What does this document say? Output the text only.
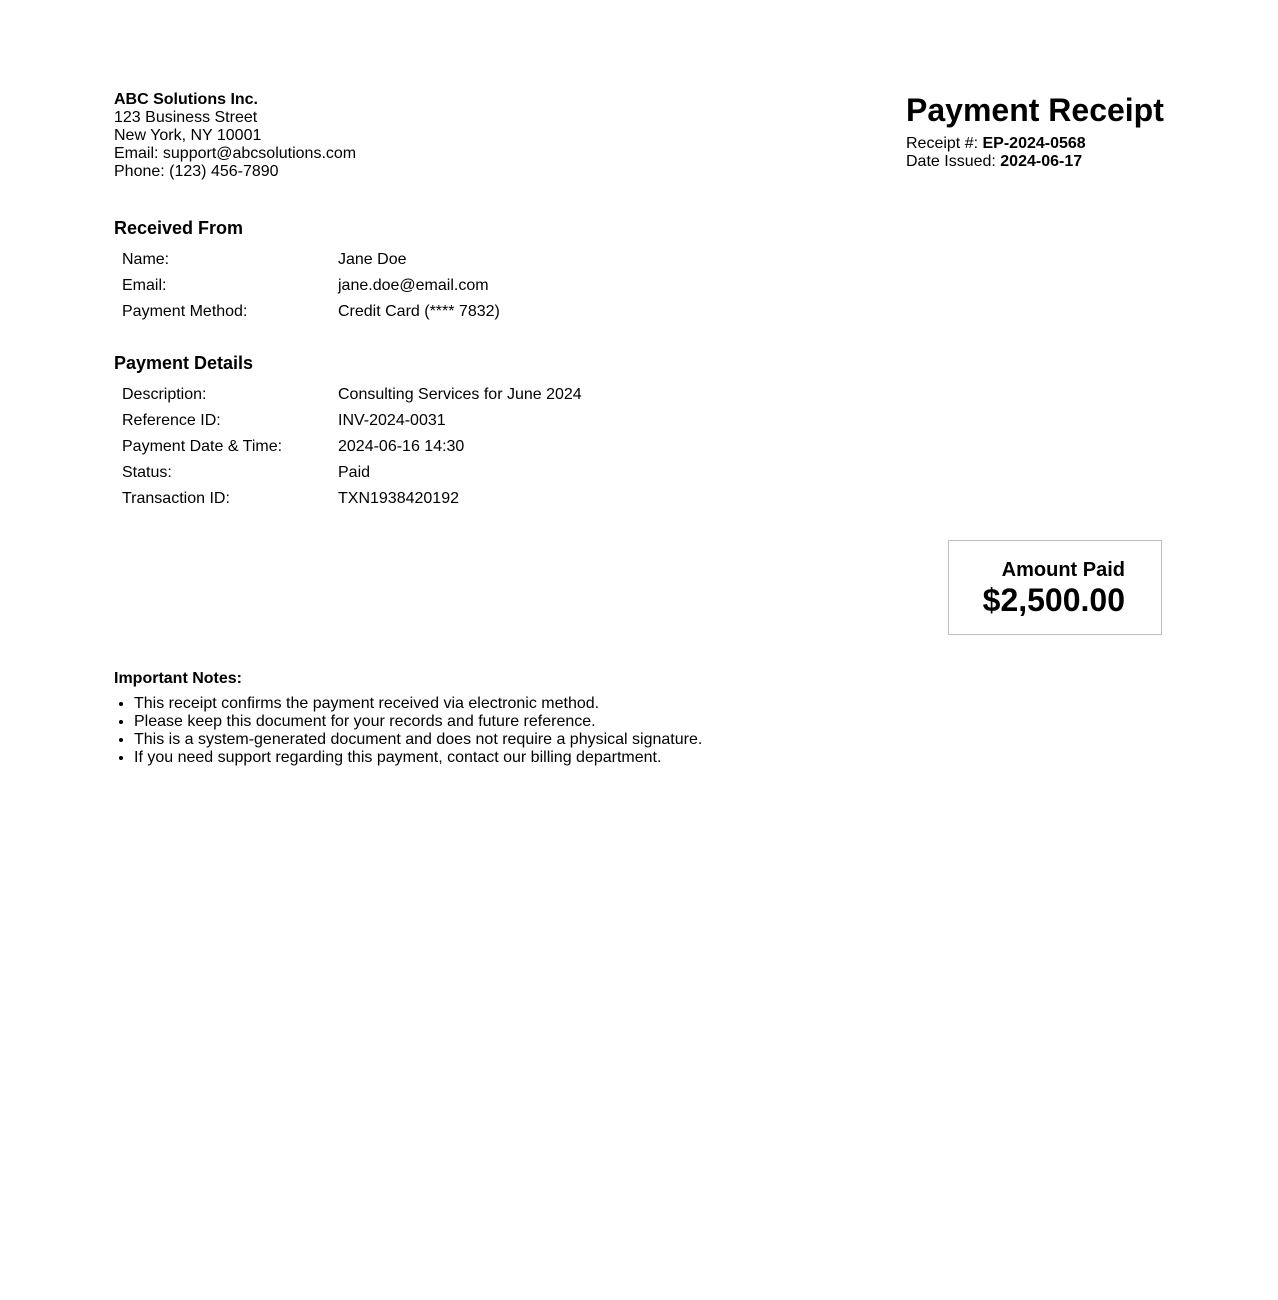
ABC Solutions Inc.
123 Business Street
New York, NY 10001
Email: support@abcsolutions.com
Phone: (123) 456-7890
Payment Receipt
Receipt #: EP-2024-0568
Date Issued: 2024-06-17
Received From
Name:	Jane Doe
Email:	jane.doe@email.com
Payment Method:	Credit Card (**** 7832)
Payment Details
Description:	Consulting Services for June 2024
Reference ID:	INV-2024-0031
Payment Date & Time:	2024-06-16 14:30
Status:	Paid
Transaction ID:	TXN1938420192
Amount Paid
$2,500.00
Important Notes:
• This receipt confirms the payment received via electronic method.
• Please keep this document for your records and future reference.
• This is a system-generated document and does not require a physical signature.
• If you need support regarding this payment, contact our billing department.
